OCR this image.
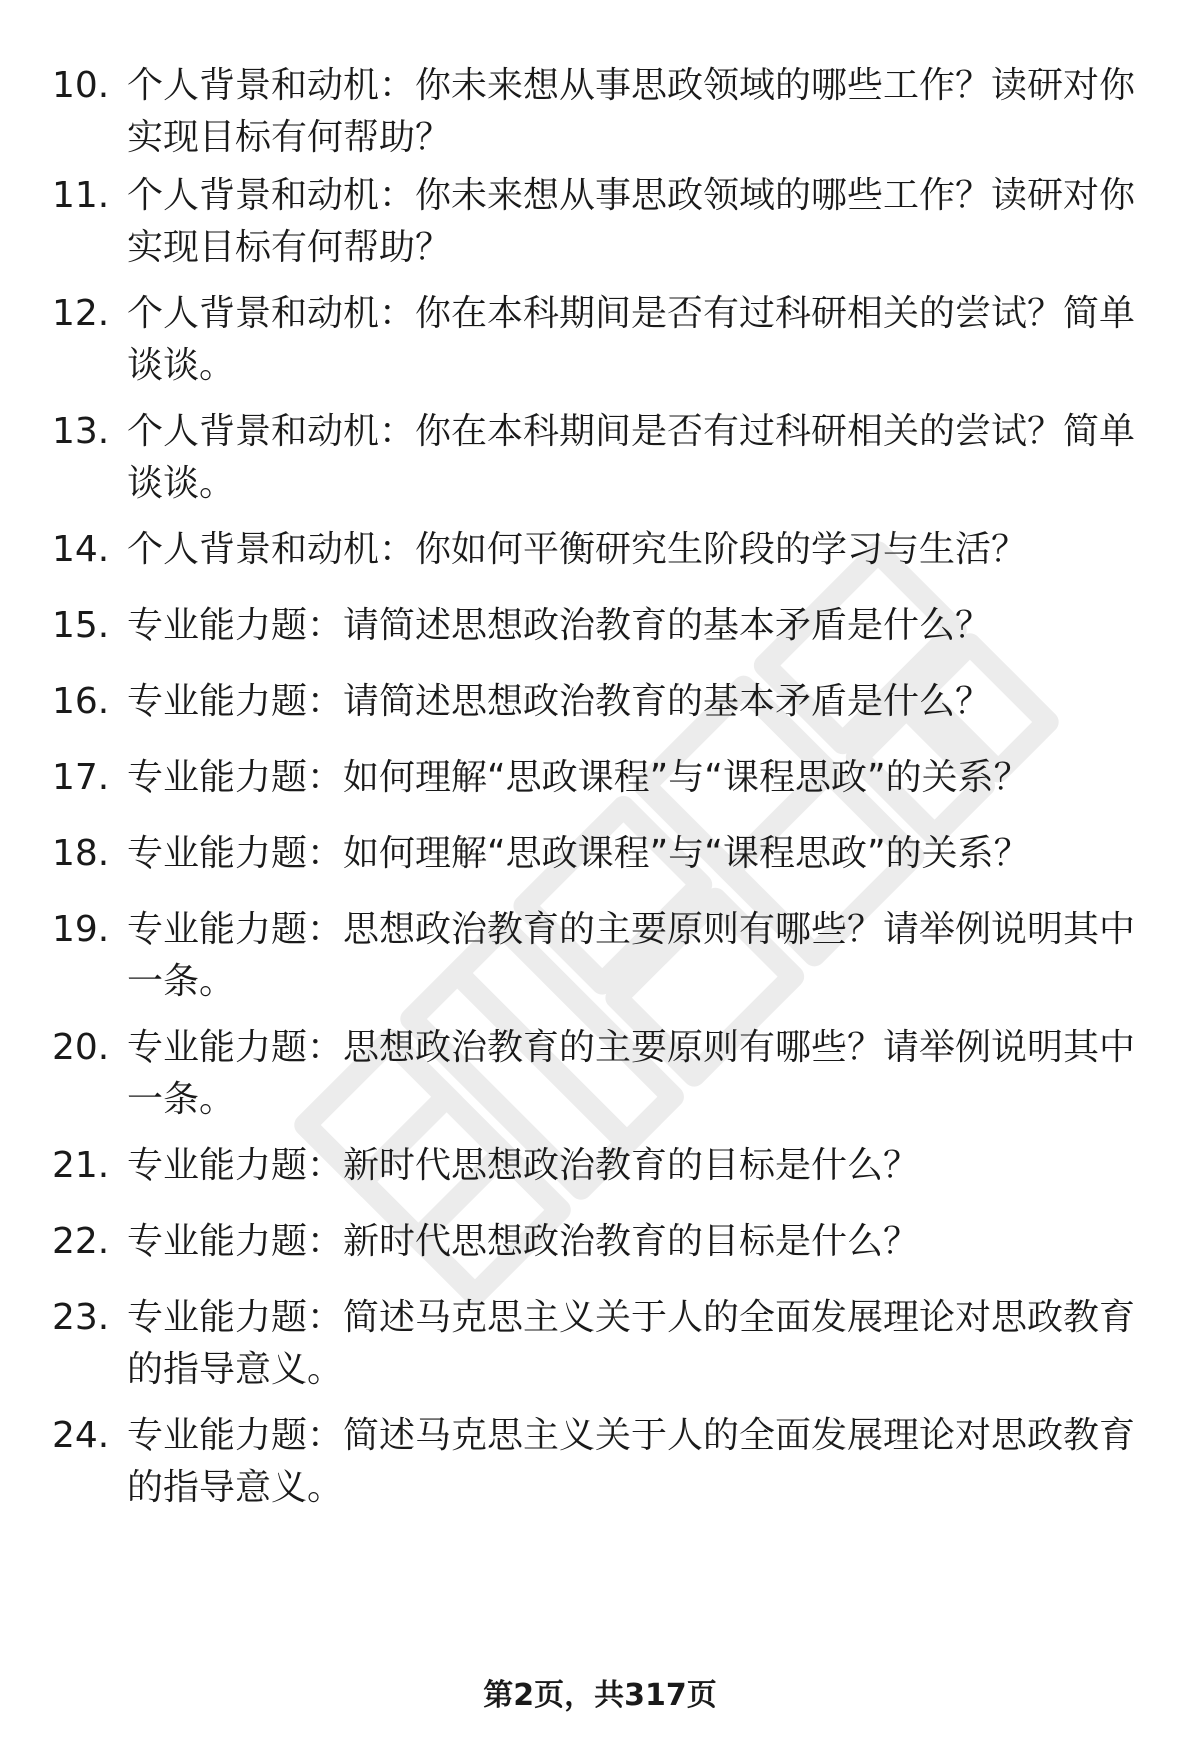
10. 个人背景和动机：你未来想从事思政领域的哪些工作？读研对你实现目标有何帮助？
11. 个人背景和动机：你未来想从事思政领域的哪些工作？读研对你实现目标有何帮助？
12. 个人背景和动机：你在本科期间是否有过科研相关的尝试？简单谈谈。
13. 个人背景和动机：你在本科期间是否有过科研相关的尝试？简单谈谈。
14. 个人背景和动机：你如何平衡研究生阶段的学习与生活？
15. 专业能力题：请简述思想政治教育的基本矛盾是什么？
16. 专业能力题：请简述思想政治教育的基本矛盾是什么？
17. 专业能力题：如何理解“思政课程”与“课程思政”的关系？
18. 专业能力题：如何理解“思政课程”与“课程思政”的关系？
19. 专业能力题：思想政治教育的主要原则有哪些？请举例说明其中一条。
20. 专业能力题：思想政治教育的主要原则有哪些？请举例说明其中一条。
21. 专业能力题：新时代思想政治教育的目标是什么？
22. 专业能力题：新时代思想政治教育的目标是什么？
23. 专业能力题：简述马克思主义关于人的全面发展理论对思政教育的指导意义。
24. 专业能力题：简述马克思主义关于人的全面发展理论对思政教育的指导意义。
第2页，共317页
